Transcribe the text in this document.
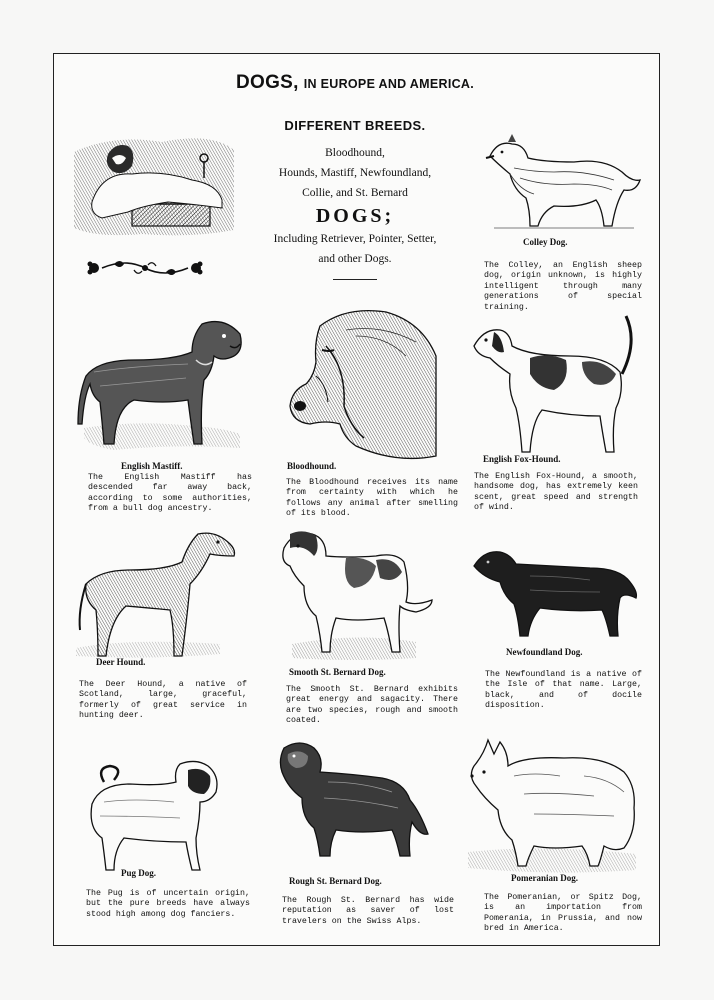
DOGS, IN EUROPE AND AMERICA.
DIFFERENT BREEDS.
Bloodhound,
Hounds, Mastiff, Newfoundland,
Collie, and St. Bernard
DOGS;
Including Retriever, Pointer, Setter,
and other Dogs.
Colley Dog.
The Colley, an English sheep dog, origin unknown, is highly intelligent through many generations of special training.
English Mastiff.
The English Mastiff has descended far away back, according to some authorities, from a bull dog ancestry.
Bloodhound.
The Bloodhound receives its name from certainty with which he follows any animal after smelling of its blood.
English Fox-Hound.
The English Fox-Hound, a smooth, handsome dog, has extremely keen scent, great speed and strength of wind.
Deer Hound.
The Deer Hound, a native of Scotland, large, graceful, formerly of great service in hunting deer.
Smooth St. Bernard Dog.
The Smooth St. Bernard exhibits great energy and sagacity. There are two species, rough and smooth coated.
Newfoundland Dog.
The Newfoundland is a native of the Isle of that name. Large, black, and of docile disposition.
Pug Dog.
The Pug is of uncertain origin, but the pure breeds have always stood high among dog fanciers.
Rough St. Bernard Dog.
The Rough St. Bernard has wide reputation as saver of lost travelers on the Swiss Alps.
Pomeranian Dog.
The Pomeranian, or Spitz Dog, is an importation from Pomerania, in Prussia, and now bred in America.
